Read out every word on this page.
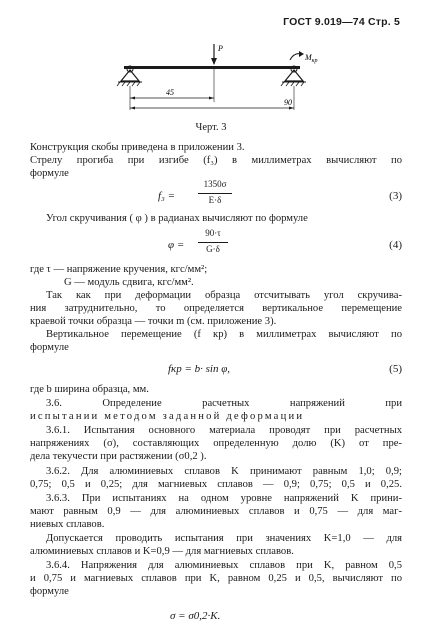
ГОСТ 9.019—74 Стр. 5
P
$M_{кр}$
45
90
Черт. 3
Конструкция скобы приведена в приложении 3.
Стрелу прогиба при изгибе (f₃) в миллиметрах вычисляют по
формуле
f₃ =
1350σ
E·δ	(3)
Угол скручивания ( φ ) в радианах вычисляют по формуле
φ =
90·τ
G·δ	(4)
где τ — напряжение кручения, кгс/мм²;
G — модуль сдвига, кгс/мм².
Так как при деформации образца отсчитывать угол скручива-
ния затруднительно, то определяется вертикальное перемещение
краевой точки образца — точки m (см. приложение 3).
Вертикальное перемещение (f кр) в миллиметрах вычисляют по
формуле
fкр = b· sin φ,	(5)
где b ширина образца, мм.
3.6. Определение расчетных напряжений при
испытании методом заданной деформации
3.6.1. Испытания основного материала проводят при расчетных
напряжениях (σ), составляющих определенную долю (K) от пре-
дела текучести при растяжении (σ0,2 ).
3.6.2. Для алюминиевых сплавов K принимают равным 1,0; 0,9;
0,75; 0,5 и 0,25; для магниевых сплавов — 0,9; 0,75; 0,5 и 0,25.
3.6.3. При испытаниях на одном уровне напряжений K прини-
мают равным 0,9 — для алюминиевых сплавов и 0,75 — для маг-
ниевых сплавов.
Допускается проводить испытания при значениях K=1,0 — для
алюминиевых сплавов и K=0,9 — для магниевых сплавов.
3.6.4. Напряжения для алюминиевых сплавов при K, равном 0,5
и 0,75 и магниевых сплавов при K, равном 0,25 и 0,5, вычисляют по
формуле
σ = σ0,2·K.
